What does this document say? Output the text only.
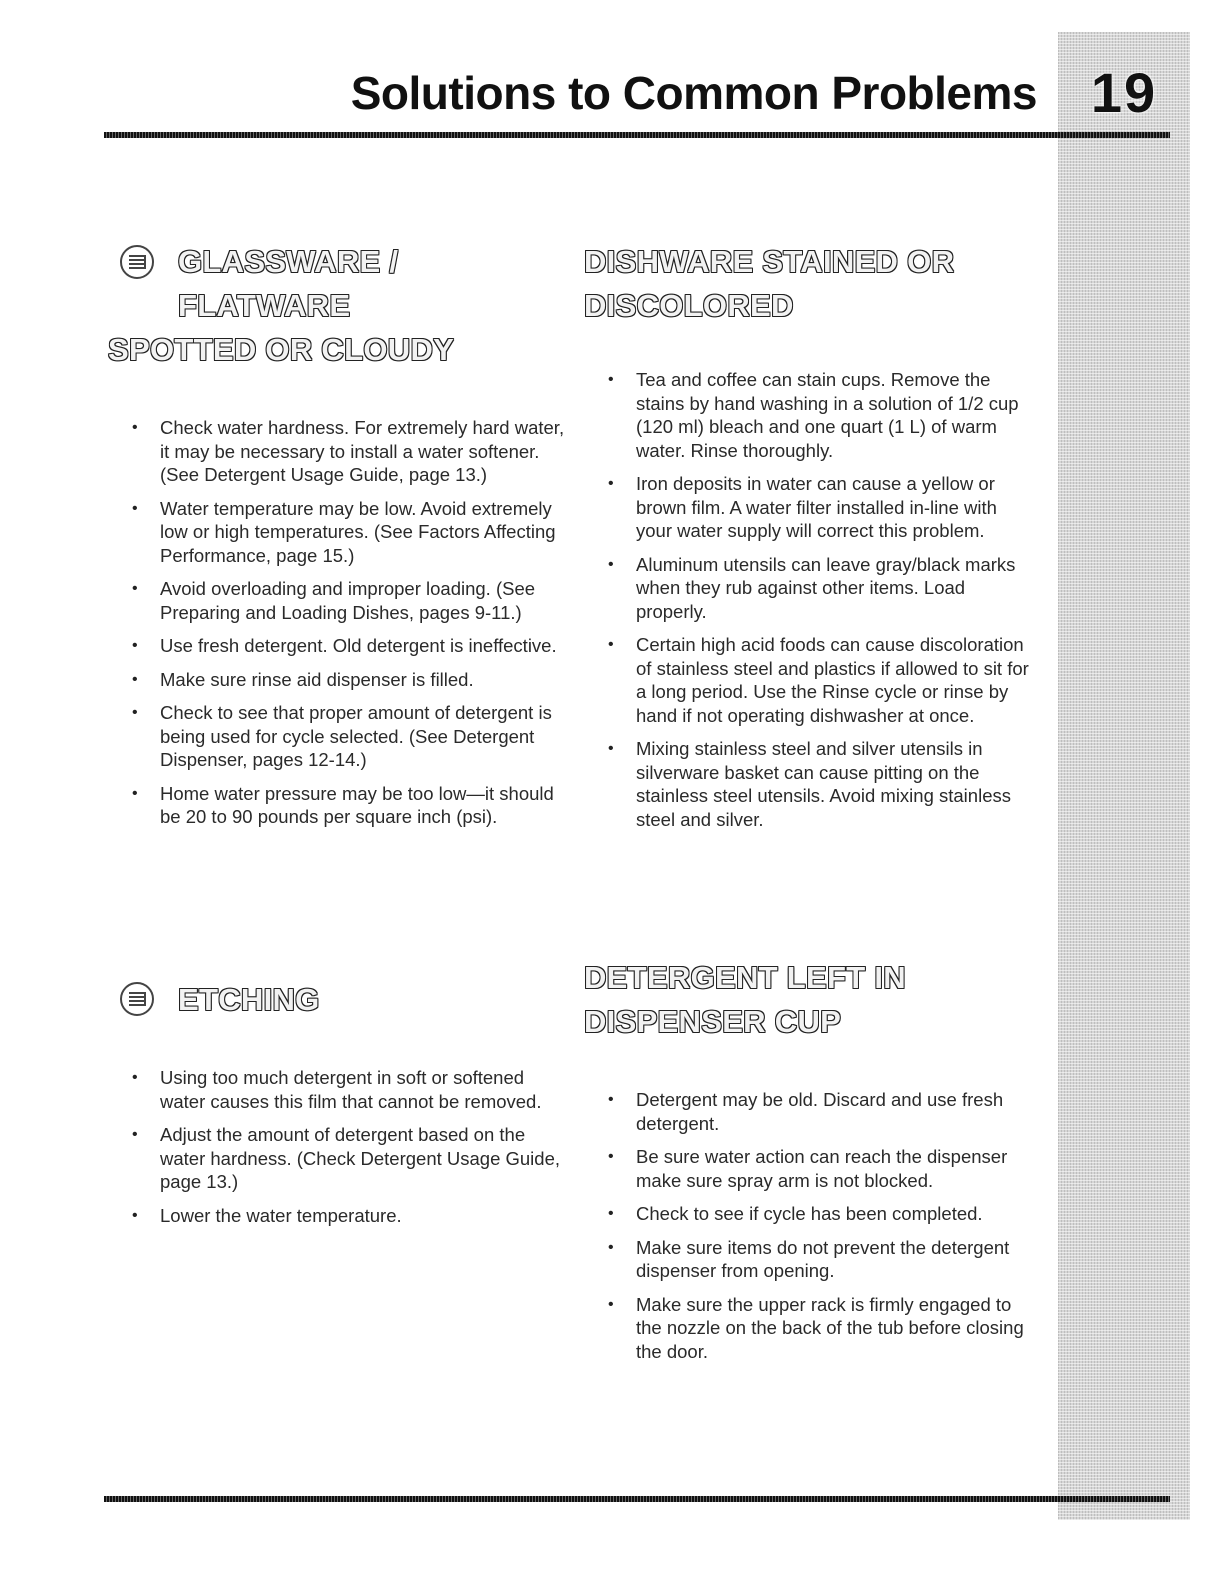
19
Solutions to Common Problems
GLASSWARE / FLATWARE
SPOTTED OR CLOUDY
• Check water hardness. For extremely hard water, it may be necessary to install a water softener. (See Detergent Usage Guide, page 13.)
• Water temperature may be low. Avoid extremely low or high temperatures. (See Factors Affecting Performance, page 15.)
• Avoid overloading and improper loading. (See Preparing and Loading Dishes, pages 9-11.)
• Use fresh detergent. Old detergent is ineffective.
• Make sure rinse aid dispenser is filled.
• Check to see that proper amount of detergent is being used for cycle selected. (See Detergent Dispenser, pages 12-14.)
• Home water pressure may be too low—it should be 20 to 90 pounds per square inch (psi).
DISHWARE STAINED OR
DISCOLORED
• Tea and coffee can stain cups. Remove the stains by hand washing in a solution of 1/2 cup (120 ml) bleach and one quart (1 L) of warm water. Rinse thoroughly.
• Iron deposits in water can cause a yellow or brown film. A water filter installed in-line with your water supply will correct this problem.
• Aluminum utensils can leave gray/black marks when they rub against other items. Load properly.
• Certain high acid foods can cause discoloration of stainless steel and plastics if allowed to sit for a long period. Use the Rinse cycle or rinse by hand if not operating dishwasher at once.
• Mixing stainless steel and silver utensils in silverware basket can cause pitting on the stainless steel utensils. Avoid mixing stainless steel and silver.
ETCHING
• Using too much detergent in soft or softened water causes this film that cannot be removed.
• Adjust the amount of detergent based on the water hardness. (Check Detergent Usage Guide, page 13.)
• Lower the water temperature.
DETERGENT LEFT IN
DISPENSER CUP
• Detergent may be old. Discard and use fresh detergent.
• Be sure water action can reach the dispenser make sure spray arm is not blocked.
• Check to see if cycle has been completed.
• Make sure items do not prevent the detergent dispenser from opening.
• Make sure the upper rack is firmly engaged to the nozzle on the back of the tub before closing the door.
